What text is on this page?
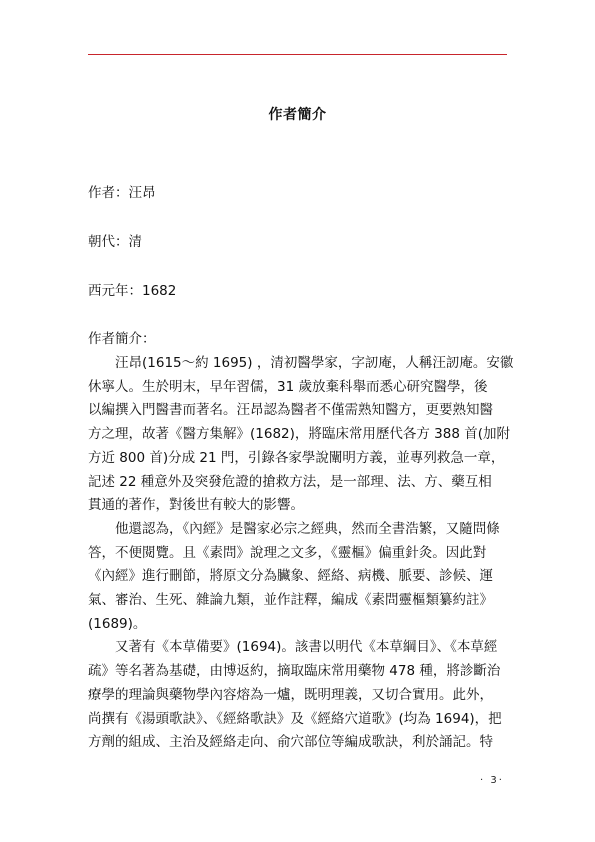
作者簡介
作者：汪昂
朝代：清
西元年：1682
作者簡介：
汪昂(1615～約 1695) ，清初醫學家，字訒庵，人稱汪訒庵。安徽
休寧人。生於明末，早年習儒，31 歲放棄科舉而悉心研究醫學，後
以編撰入門醫書而著名。汪昂認為醫者不僅需熟知醫方，更要熟知醫
方之理，故著《醫方集解》(1682)，將臨床常用歷代各方 388 首(加附
方近 800 首)分成 21 門，引錄各家學說闡明方義，並專列救急一章，
記述 22 種意外及突發危證的搶救方法，是一部理、法、方、藥互相
貫通的著作，對後世有較大的影響。
他還認為，《內經》是醫家必宗之經典，然而全書浩繁，又隨問條
答，不便閱覽。且《素問》說理之文多，《靈樞》偏重針灸。因此對
《內經》進行刪節，將原文分為臟象、經絡、病機、脈要、診候、運
氣、審治、生死、雜論九類，並作註釋，編成《素問靈樞類纂約註》
(1689)。
又著有《本草備要》(1694)。該書以明代《本草綱目》、《本草經
疏》等名著為基礎，由博返約，摘取臨床常用藥物 478 種，將診斷治
療學的理論與藥物學內容熔為一爐，既明理義，又切合實用。此外，
尚撰有《湯頭歌訣》、《經絡歌訣》及《經絡穴道歌》(均為 1694)，把
方劑的組成、主治及經絡走向、俞穴部位等編成歌訣，利於誦記。特
· 3·
